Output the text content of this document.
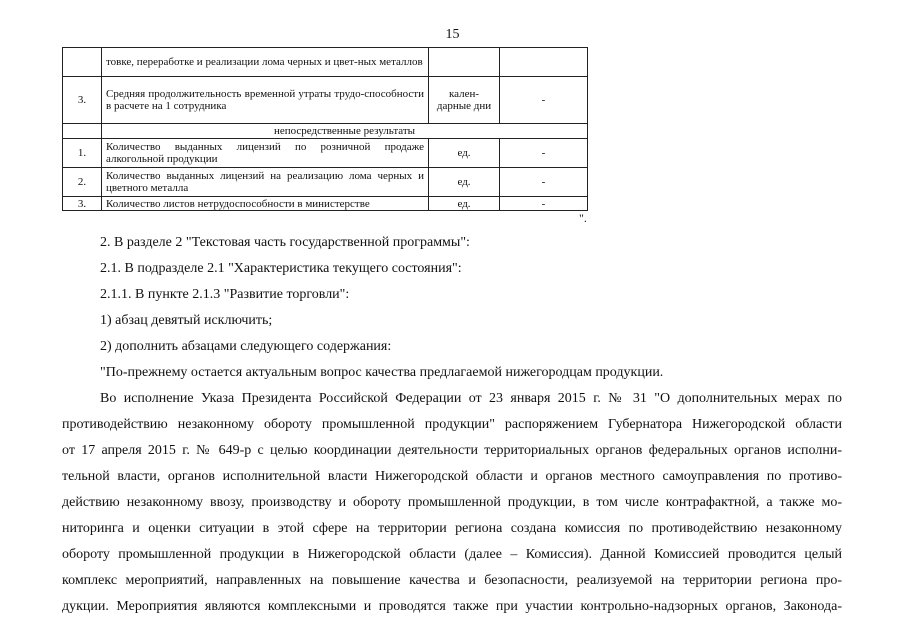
15
	товке, переработке и реализации лома черных и цвет-ных металлов		
3.	Средняя продолжительность временной утраты трудо-способности в расчете на 1 сотрудника	кален-дарные дни	-
	непосредственные результаты		
1.	Количество выданных лицензий по розничной продаже алкогольной продукции	ед.	-
2.	Количество выданных лицензий на реализацию лома черных и цветного металла	ед.	-
3.	Количество листов нетрудоспособности в министерстве	ед.	-
".
2. В разделе 2 "Текстовая часть государственной программы":
2.1. В подразделе 2.1 "Характеристика текущего состояния":
2.1.1. В пункте 2.1.3 "Развитие торговли":
1) абзац девятый исключить;
2) дополнить абзацами следующего содержания:
"По-прежнему остается актуальным вопрос качества предлагаемой нижегородцам продукции.
Во исполнение Указа Президента Российской Федерации от 23 января 2015 г. № 31 "О дополнительных мерах по
противодействию незаконному обороту промышленной продукции" распоряжением Губернатора Нижегородской области
от 17 апреля 2015 г. № 649-р с целью координации деятельности территориальных органов федеральных органов исполни-
тельной власти, органов исполнительной власти Нижегородской области и органов местного самоуправления по противо-
действию незаконному ввозу, производству и обороту промышленной продукции, в том числе контрафактной, а также мо-
ниторинга и оценки ситуации в этой сфере на территории региона создана комиссия по противодействию незаконному
обороту промышленной продукции в Нижегородской области (далее – Комиссия). Данной Комиссией проводится целый
комплекс мероприятий, направленных на повышение качества и безопасности, реализуемой на территории региона про-
дукции. Мероприятия являются комплексными и проводятся также при участии контрольно-надзорных органов, Законода-
